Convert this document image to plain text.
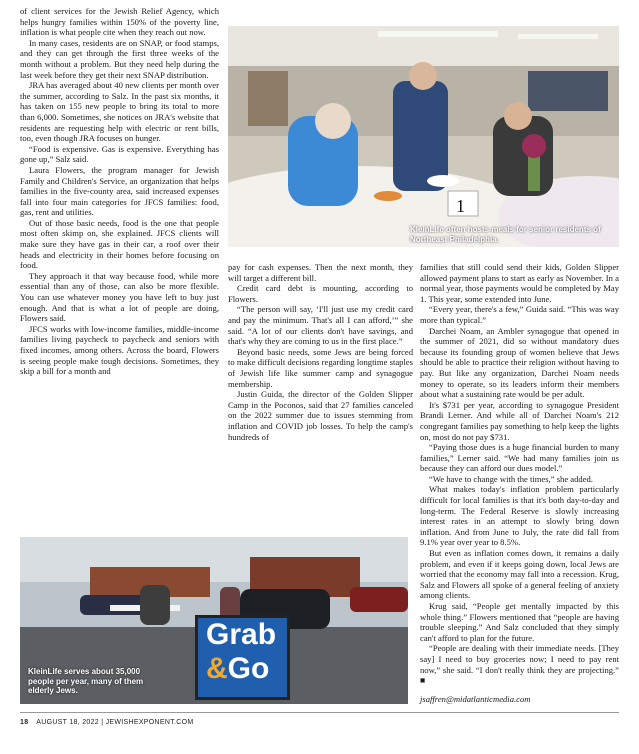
of client services for the Jewish Relief Agency, which helps hungry families within 150% of the poverty line, inflation is what people cite when they reach out now.

In many cases, residents are on SNAP, or food stamps, and they can get through the first three weeks of the month without a problem. But they need help during the last week before they get their next SNAP distribution.

JRA has averaged about 40 new clients per month over the summer, according to Salz. In the past six months, it has taken on 155 new people to bring its total to more than 6,000. Sometimes, she notices on JRA's website that residents are requesting help with electric or rent bills, too, even though JRA focuses on hunger.

“Food is expensive. Gas is expensive. Everything has gone up,” Salz said.

Laura Flowers, the program manager for Jewish Family and Children's Service, an organization that helps families in the five-county area, said increased expenses fall into four main categories for JFCS families: food, gas, rent and utilities.

Out of those basic needs, food is the one that people most often skimp on, she explained. JFCS clients will make sure they have gas in their car, a roof over their heads and electricity in their homes before focusing on food.

They approach it that way because food, while more essential than any of those, can also be more flexible. You can use whatever money you have left to buy just enough. And that is what a lot of people are doing, Flowers said.

JFCS works with low-income families, middle-income families living paycheck to paycheck and seniors with fixed incomes, among others. Across the board, Flowers is seeing people make tough decisions. Sometimes, they skip a bill for a month and

1
KleinLife often hosts meals for senior residents of Northeast Philadelphia.

pay for cash expenses. Then the next month, they will target a different bill.

Credit card debt is mounting, according to Flowers.

“The person will say, ‘I'll just use my credit card and pay the minimum. That's all I can afford,’” she said. “A lot of our clients don't have savings, and that's why they are coming to us in the first place.”

Beyond basic needs, some Jews are being forced to make difficult decisions regarding longtime staples of Jewish life like summer camp and synagogue membership.

Justin Guida, the director of the Golden Slipper Camp in the Poconos, said that 27 families canceled on the 2022 summer due to issues stemming from inflation and COVID job losses. To help the camp's hundreds of

families that still could send their kids, Golden Slipper allowed payment plans to start as early as November. In a normal year, those payments would be completed by May 1. This year, some extended into June.

“Every year, there's a few,” Guida said. “This was way more than typical.”

Darchei Noam, an Ambler synagogue that opened in the summer of 2021, did so without mandatory dues because its founding group of women believe that Jews should be able to practice their religion without having to pay. But like any organization, Darchei Noam needs money to operate, so its leaders inform their members about what a sustaining rate would be per adult.

It's $731 per year, according to synagogue President Brandi Lerner. And while all of Darchei Noam's 212 congregant families pay something to help keep the lights on, most do not pay $731.

“Paying those dues is a huge financial burden to many families,” Lerner said. “We had many families join us because they can afford our dues model.”

“We have to change with the times,” she added.

What makes today's inflation problem particularly difficult for local families is that it's both day-to-day and long-term. The Federal Reserve is slowly increasing interest rates in an attempt to slowly bring down inflation. And from June to July, the rate did fall from 9.1% year over year to 8.5%.

But even as inflation comes down, it remains a daily problem, and even if it keeps going down, local Jews are worried that the economy may fall into a recession. Krug, Salz and Flowers all spoke of a general feeling of anxiety among clients.

Krug said, “People get mentally impacted by this whole thing.” Flowers mentioned that “people are having trouble sleeping.” And Salz concluded that they simply can't afford to plan for the future.

“People are dealing with their immediate needs. [They say] I need to buy groceries now; I need to pay rent now,” she said. “I don't really think they are projecting.” ■

jsaffren@midatlanticmedia.com

Grab
&Go
KleinLife serves about 35,000 people per year, many of them elderly Jews.
18 AUGUST 18, 2022 | JEWISHEXPONENT.COM
